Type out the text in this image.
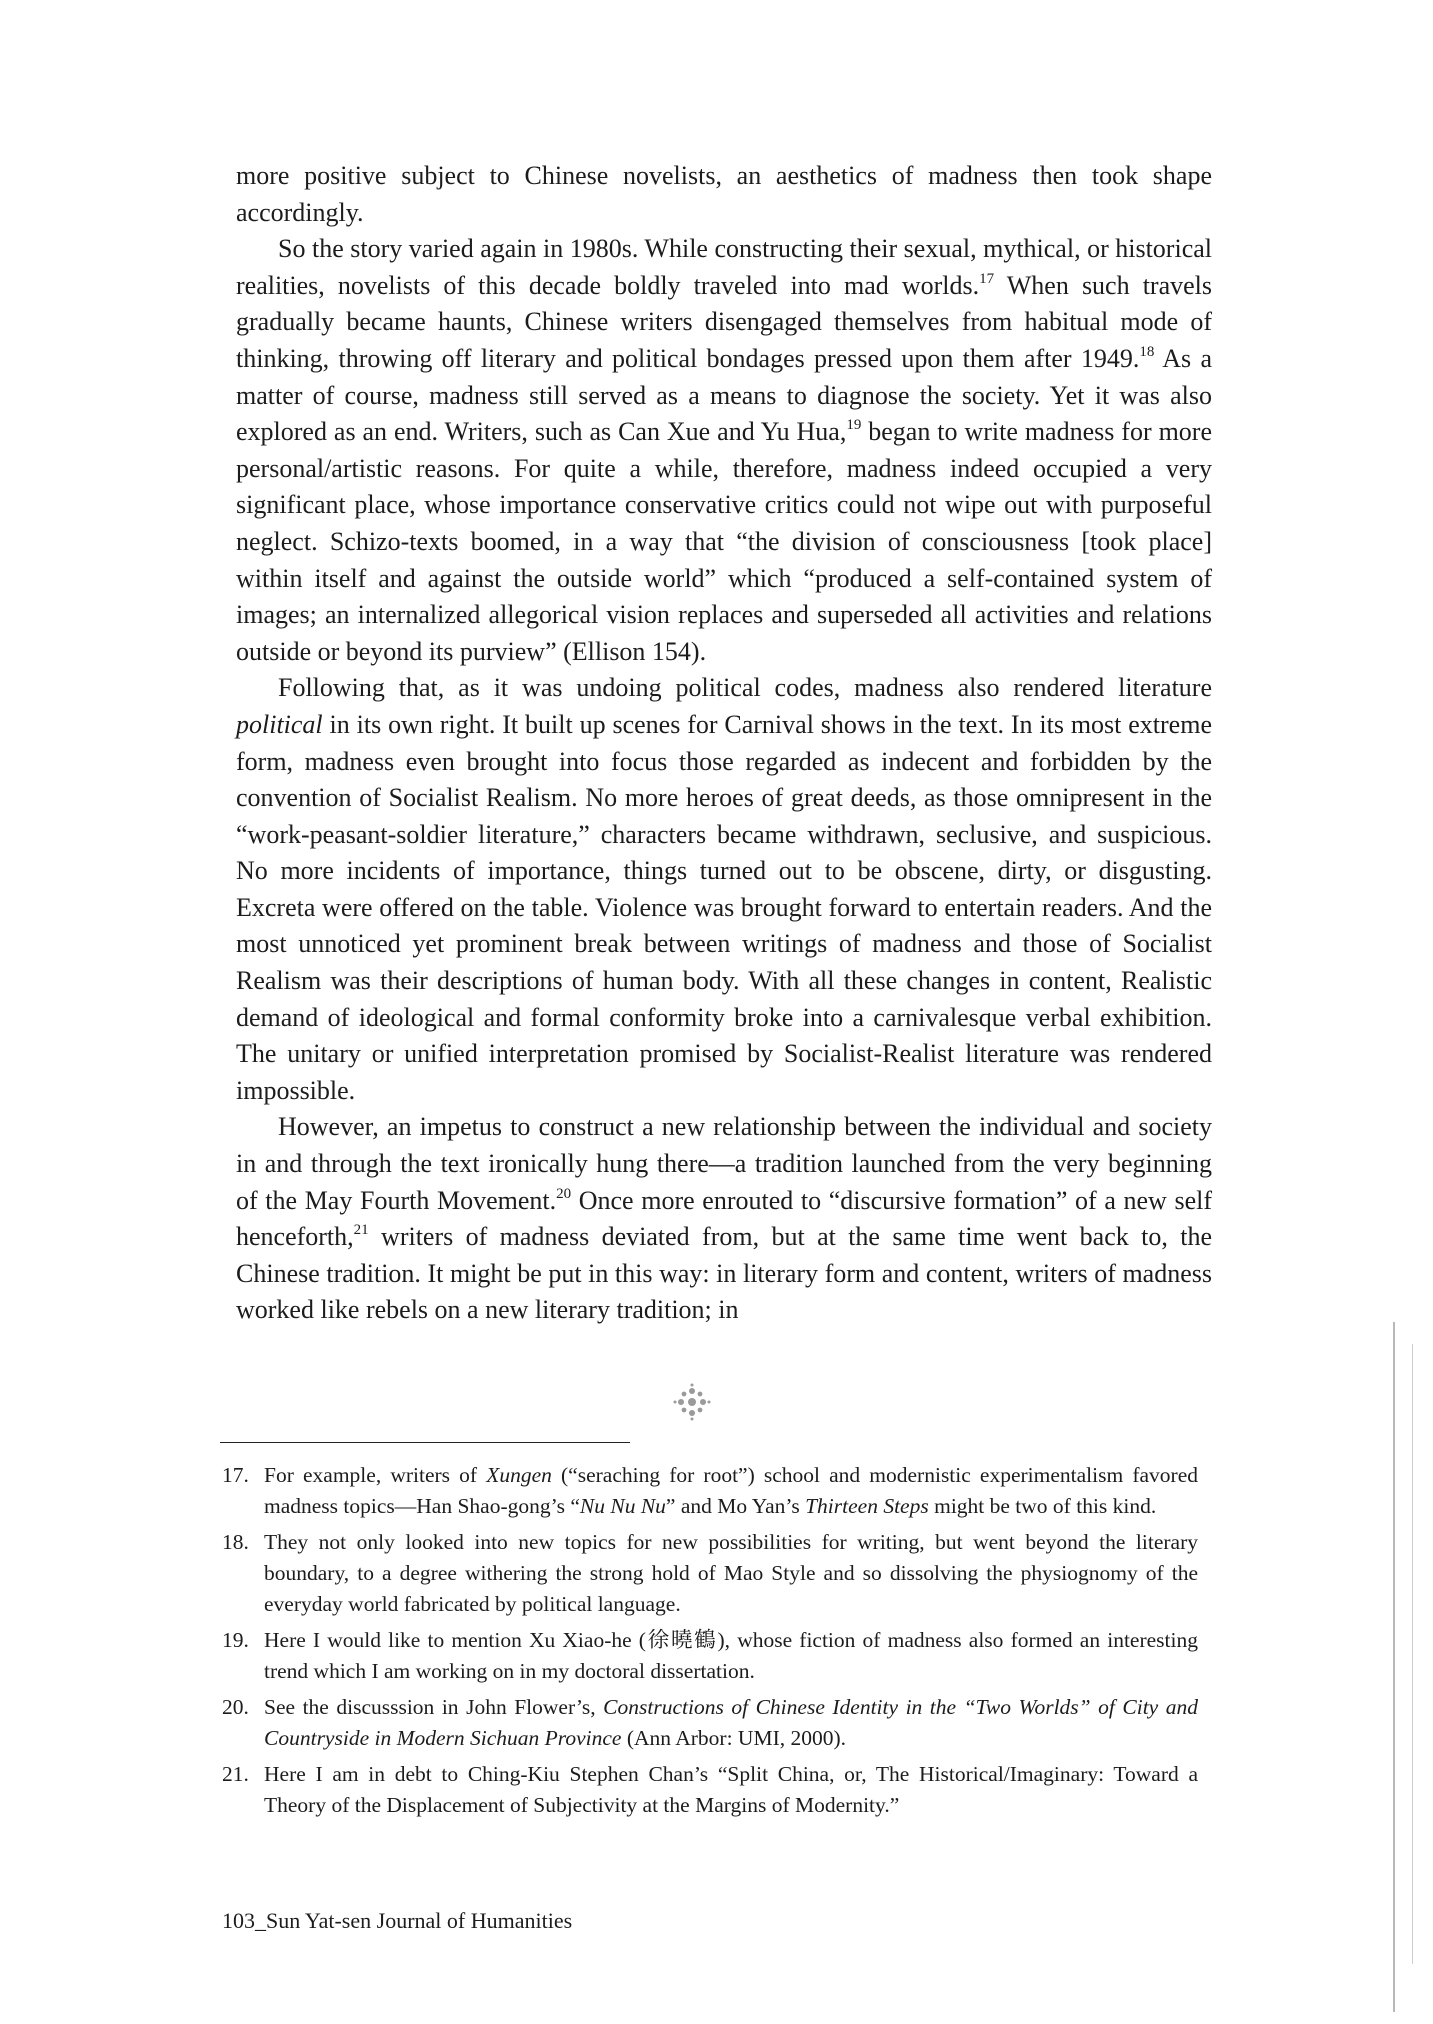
more positive subject to Chinese novelists, an aesthetics of madness then took shape accordingly.

So the story varied again in 1980s. While constructing their sexual, mythical, or historical realities, novelists of this decade boldly traveled into mad worlds.$^{17}$ When such travels gradually became haunts, Chinese writers disengaged themselves from habitual mode of thinking, throwing off literary and political bondages pressed upon them after 1949.18 As a matter of course, madness still served as a means to diagnose the society. Yet it was also explored as an end. Writers, such as Can Xue and Yu Hua,$^{19}$ began to write madness for more personal/artistic reasons. For quite a while, therefore, madness indeed occupied a very significant place, whose importance conservative critics could not wipe out with purposeful neglect. Schizo-texts boomed, in a way that “the division of consciousness [took place] within itself and against the outside world” which “produced a self-contained system of images; an internalized allegorical vision replaces and superseded all activities and relations outside or beyond its purview” (Ellison 154).

Following that, as it was undoing political codes, madness also rendered literature political in its own right. It built up scenes for Carnival shows in the text. In its most extreme form, madness even brought into focus those regarded as indecent and forbidden by the convention of Socialist Realism. No more heroes of great deeds, as those omnipresent in the “work-peasant-soldier literature,” characters became withdrawn, seclusive, and suspicious. No more incidents of importance, things turned out to be obscene, dirty, or disgusting. Excreta were offered on the table. Violence was brought forward to entertain readers. And the most unnoticed yet prominent break between writings of madness and those of Socialist Realism was their descriptions of human body. With all these changes in content, Realistic demand of ideological and formal conformity broke into a carnivalesque verbal exhibition. The unitary or unified interpretation promised by Socialist-Realist literature was rendered impossible.

However, an impetus to construct a new relationship between the individual and society in and through the text ironically hung there—a tradition launched from the very beginning of the May Fourth Movement.$^{20}$ Once more enrouted to “discursive formation” of a new self henceforth,$^{21}$ writers of madness deviated from, but at the same time went back to, the Chinese tradition. It might be put in this way: in literary form and content, writers of madness worked like rebels on a new literary tradition; in

17. For example, writers of Xungen (“seraching for root”) school and modernistic experimentalism favored madness topics—Han Shao-gong’s “Nu Nu Nu” and Mo Yan’s Thirteen Steps might be two of this kind.
18. They not only looked into new topics for new possibilities for writing, but went beyond the literary boundary, to a degree withering the strong hold of Mao Style and so dissolving the physiognomy of the everyday world fabricated by political language.
19. Here I would like to mention Xu Xiao-he (徐曉鶴), whose fiction of madness also formed an interesting trend which I am working on in my doctoral dissertation.
20. See the discusssion in John Flower’s, Constructions of Chinese Identity in the “Two Worlds” of City and Countryside in Modern Sichuan Province (Ann Arbor: UMI, 2000).
21. Here I am in debt to Ching-Kiu Stephen Chan’s “Split China, or, The Historical/Imaginary: Toward a Theory of the Displacement of Subjectivity at the Margins of Modernity.”
103_Sun Yat-sen Journal of Humanities
